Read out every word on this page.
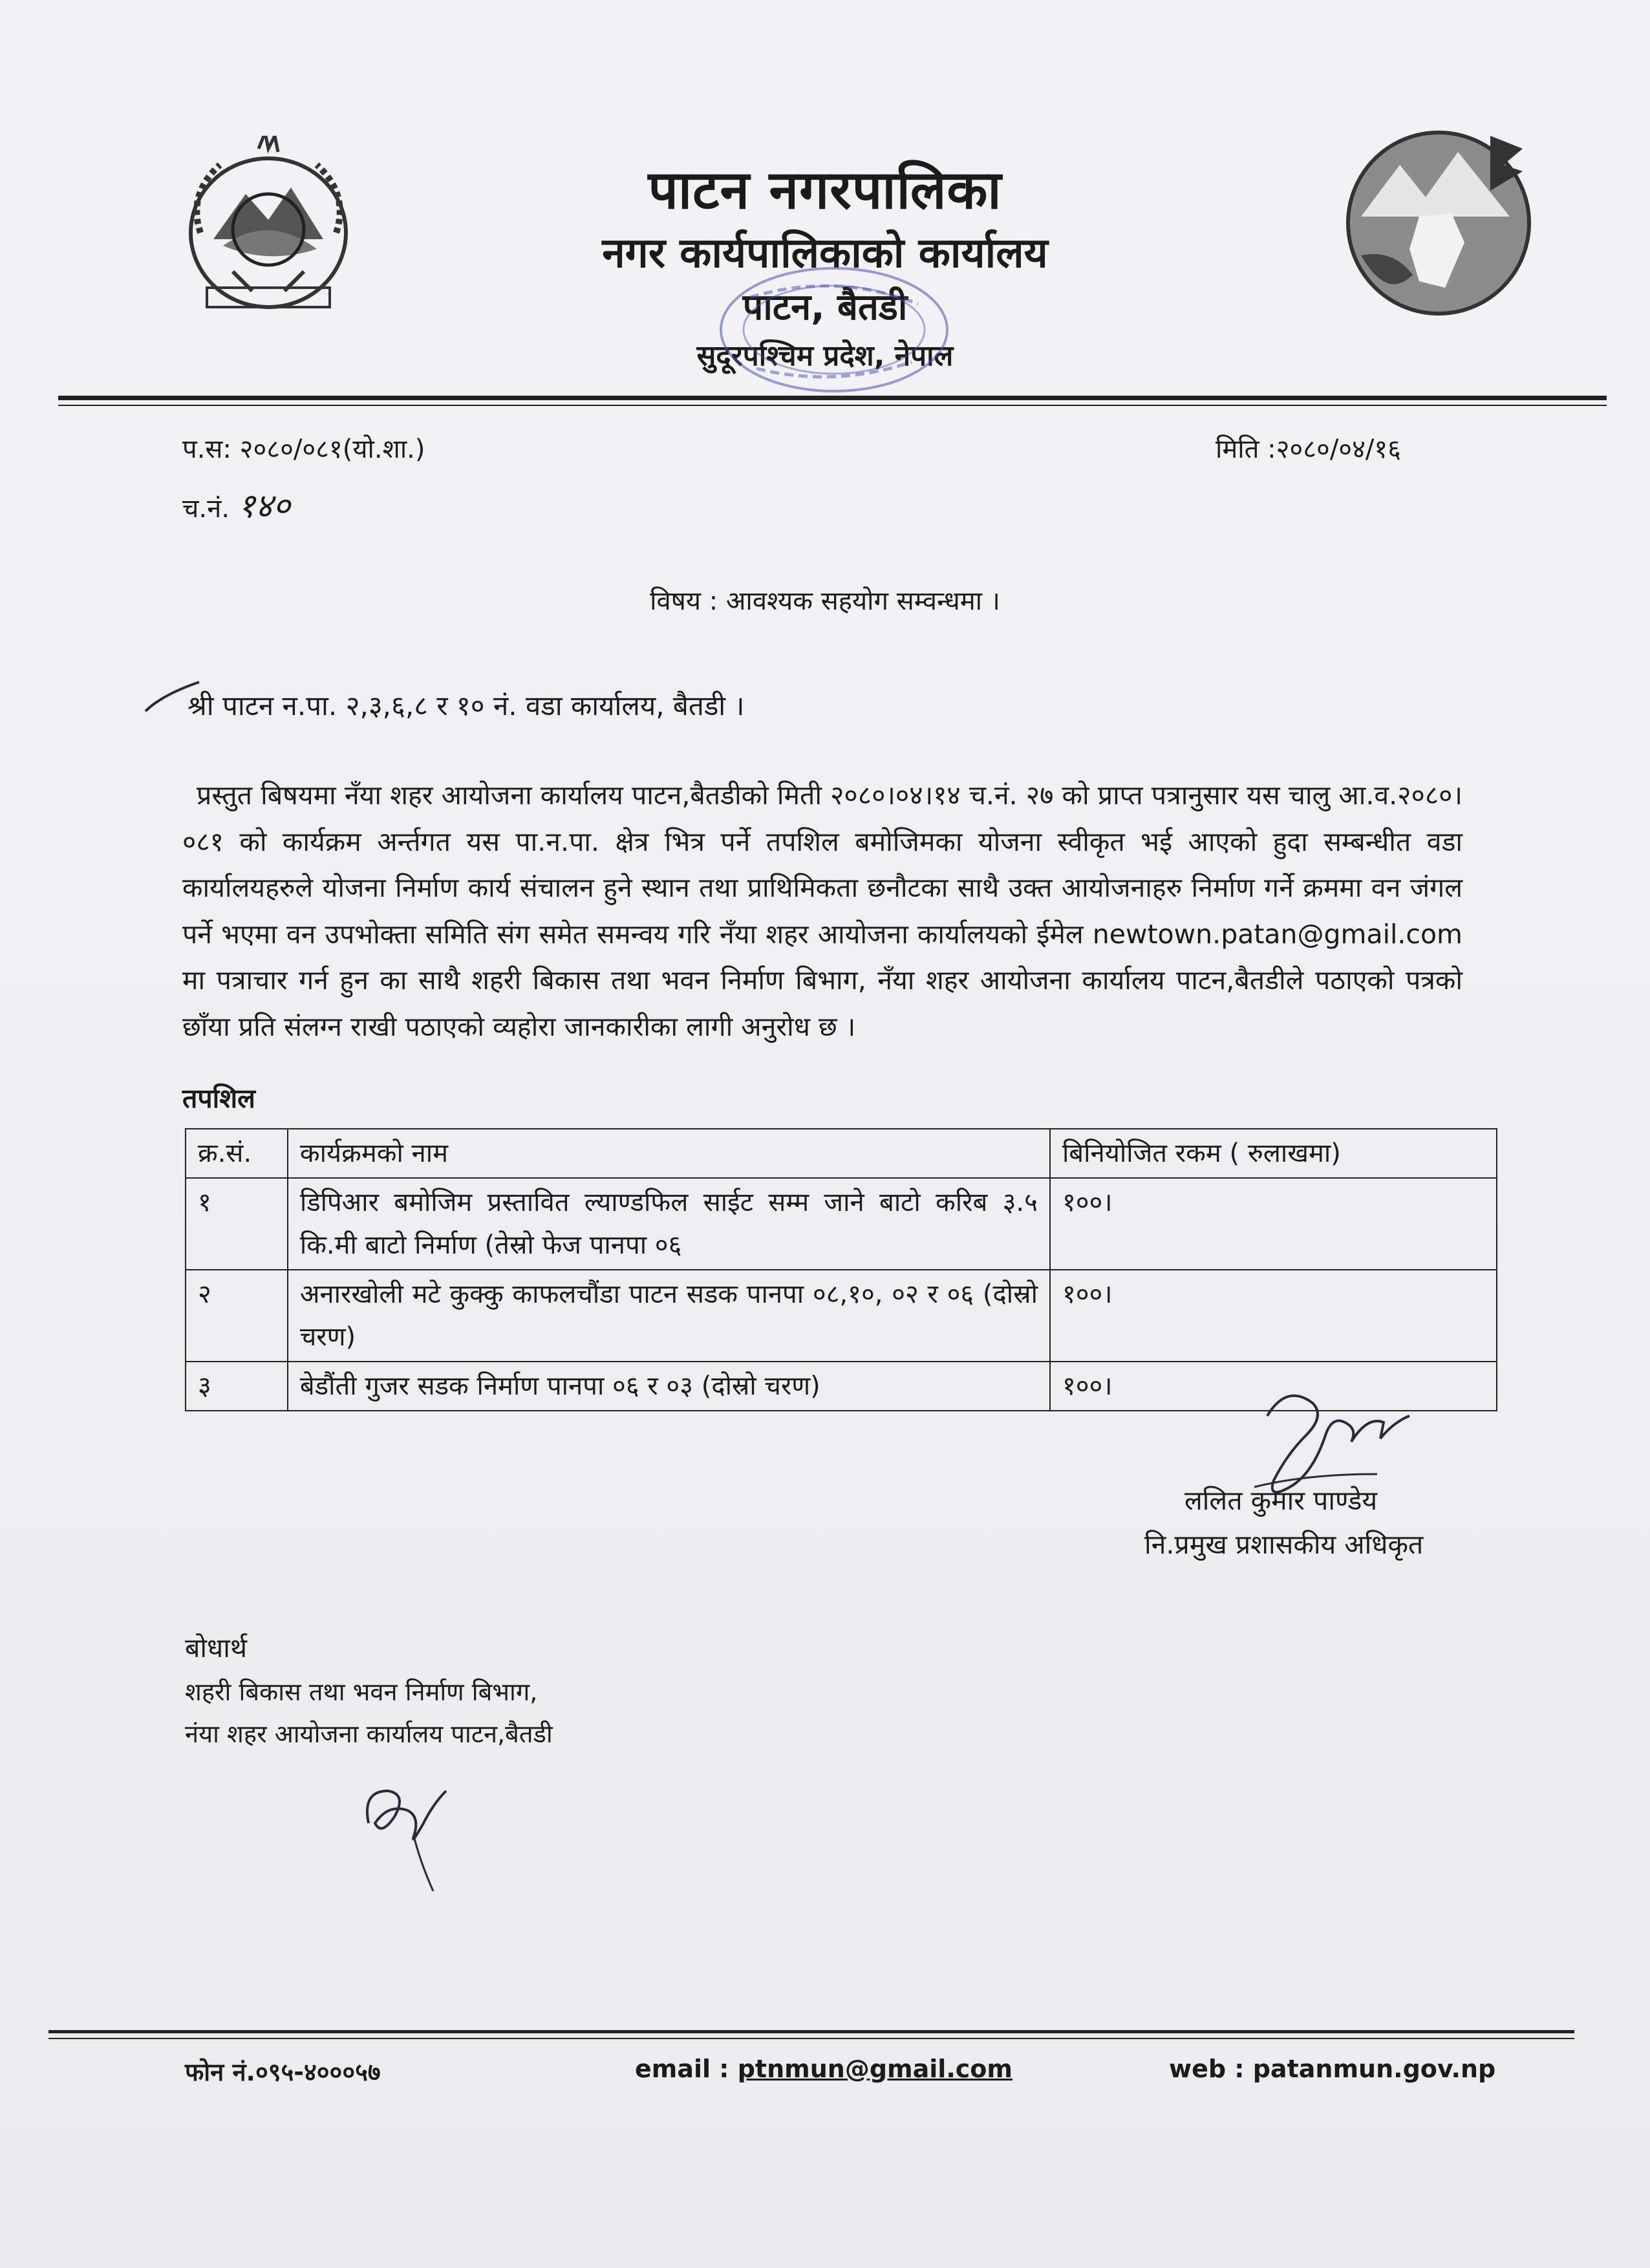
पाटन नगरपालिका
नगर कार्यपालिकाको कार्यालय
पाटन, बैतडी
सुदूरपश्चिम प्रदेश, नेपाल
प.स: २०८०/०८१(यो.शा.)	मिति :२०८०/०४/१६
च.नं. १४०
विषय : आवश्यक सहयोग सम्वन्धमा ।
श्री पाटन न.पा. २,३,६,८ र १० नं. वडा कार्यालय, बैतडी ।
प्रस्तुत बिषयमा नँया शहर आयोजना कार्यालय पाटन,बैतडीको मिती २०८०।०४।१४ च.नं. २७ को प्राप्त पत्रानुसार यस चालु आ.व.२०८०।०८१ को कार्यक्रम अर्न्तगत यस पा.न.पा. क्षेत्र भित्र पर्ने तपशिल बमोजिमका योजना स्वीकृत भई आएको हुदा सम्बन्धीत वडा कार्यालयहरुले योजना निर्माण कार्य संचालन हुने स्थान तथा प्राथिमिकता छनौटका साथै उक्त आयोजनाहरु निर्माण गर्ने क्रममा वन जंगल पर्ने भएमा वन उपभोक्ता समिति संग समेत समन्वय गरि नँया शहर आयोजना कार्यालयको ईमेल newtown.patan@gmail.com मा पत्राचार गर्न हुन का साथै शहरी बिकास तथा भवन निर्माण बिभाग, नँया शहर आयोजना कार्यालय पाटन,बैतडीले पठाएको पत्रको छाँया प्रति संलग्न राखी पठाएको व्यहोरा जानकारीका लागी अनुरोध छ ।
तपशिल
क्र.सं.	कार्यक्रमको नाम	बिनियोजित रकम ( रुलाखमा)
१	डिपिआर बमोजिम प्रस्तावित ल्याण्डफिल साईट सम्म जाने बाटो करिब ३.५ कि.मी बाटो निर्माण (तेस्रो फेज पानपा ०६	१००।
२	अनारखोली मटे कुक्कु काफलचौंडा पाटन सडक पानपा ०८,१०, ०२ र ०६ (दोस्रो चरण)	१००।
३	बेडौंती गुजर सडक निर्माण पानपा ०६ र ०३ (दोस्रो चरण)	१००।
ललित कुमार पाण्डेय
नि.प्रमुख प्रशासकीय अधिकृत
बोधार्थ
शहरी बिकास तथा भवन निर्माण बिभाग,
नंया शहर आयोजना कार्यालय पाटन,बैतडी
फोन नं.०९५-४०००५७	email : ptnmun@gmail.com	web : patanmun.gov.np
